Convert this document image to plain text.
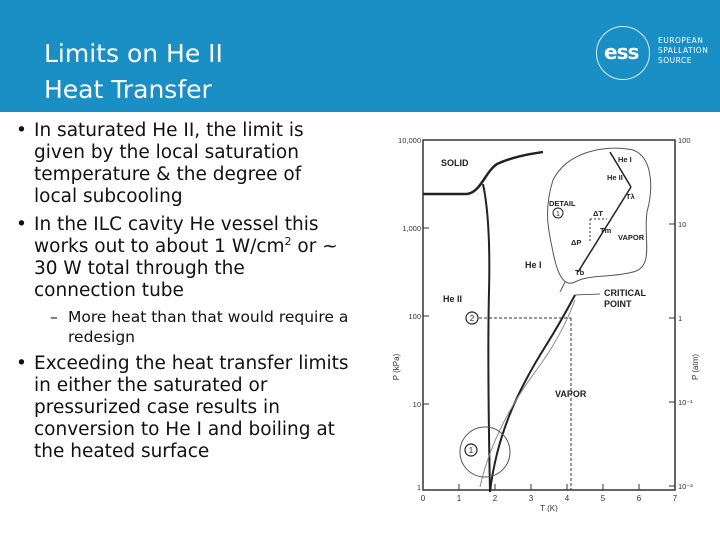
Limits on He II
Heat Transfer
ess	EUROPEAN
SPALLATION
SOURCE
• In saturated He II, the limit is given by the local saturation temperature & the degree of local subcooling
• In the ILC cavity He vessel this works out to about 1 $W/cm^2$ or ~ 30 W total through the connection tube
– More heat than that would require a redesign
• Exceeding the heat transfer limits in either the saturated or pressurized case results in conversion to He I and boiling at the heated surface
0	1	2	3	4	5	6	7
T (K)
10,000
1,000
100
10
1
100
10
1
10⁻¹
10⁻²
P (kPa)	P (atm)
He I
He II
DETAIL
ΔT
Tλ
Tm
VAPOR
ΔP
Tb
1
SOLID
He II
He I
VAPOR
CRITICAL
POINT
2
1
